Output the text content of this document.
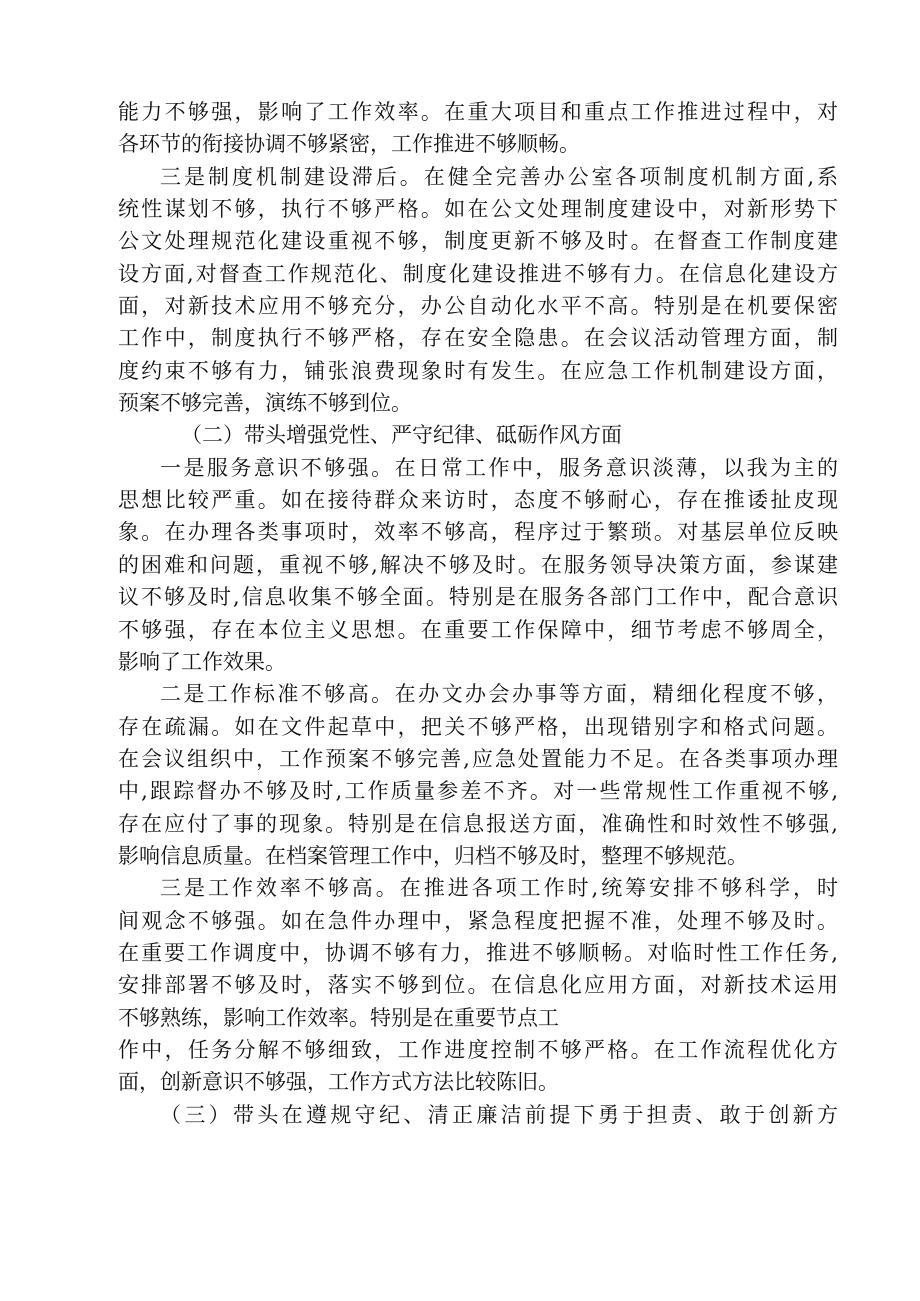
能力不够强，影响了工作效率。在重大项目和重点工作推进过程中，对
各环节的衔接协调不够紧密，工作推进不够顺畅。
三是制度机制建设滞后。在健全完善办公室各项制度机制方面,系
统性谋划不够，执行不够严格。如在公文处理制度建设中，对新形势下
公文处理规范化建设重视不够，制度更新不够及时。在督查工作制度建
设方面,对督查工作规范化、制度化建设推进不够有力。在信息化建设方
面，对新技术应用不够充分，办公自动化水平不高。特别是在机要保密
工作中，制度执行不够严格，存在安全隐患。在会议活动管理方面，制
度约束不够有力，铺张浪费现象时有发生。在应急工作机制建设方面，
预案不够完善，演练不够到位。
（二）带头增强党性、严守纪律、砥砺作风方面
一是服务意识不够强。在日常工作中，服务意识淡薄，以我为主的
思想比较严重。如在接待群众来访时，态度不够耐心，存在推诿扯皮现
象。在办理各类事项时，效率不够高，程序过于繁琐。对基层单位反映
的困难和问题，重视不够,解决不够及时。在服务领导决策方面，参谋建
议不够及时,信息收集不够全面。特别是在服务各部门工作中，配合意识
不够强，存在本位主义思想。在重要工作保障中，细节考虑不够周全，
影响了工作效果。
二是工作标准不够高。在办文办会办事等方面，精细化程度不够，
存在疏漏。如在文件起草中，把关不够严格，出现错别字和格式问题。
在会议组织中，工作预案不够完善,应急处置能力不足。在各类事项办理
中,跟踪督办不够及时,工作质量参差不齐。对一些常规性工作重视不够,
存在应付了事的现象。特别是在信息报送方面，准确性和时效性不够强,
影响信息质量。在档案管理工作中，归档不够及时，整理不够规范。
三是工作效率不够高。在推进各项工作时,统筹安排不够科学，时
间观念不够强。如在急件办理中，紧急程度把握不准，处理不够及时。
在重要工作调度中，协调不够有力，推进不够顺畅。对临时性工作任务,
安排部署不够及时，落实不够到位。在信息化应用方面，对新技术运用
不够熟练，影响工作效率。特别是在重要节点工
作中，任务分解不够细致，工作进度控制不够严格。在工作流程优化方
面，创新意识不够强，工作方式方法比较陈旧。
（三）带头在遵规守纪、清正廉洁前提下勇于担责、敢于创新方
